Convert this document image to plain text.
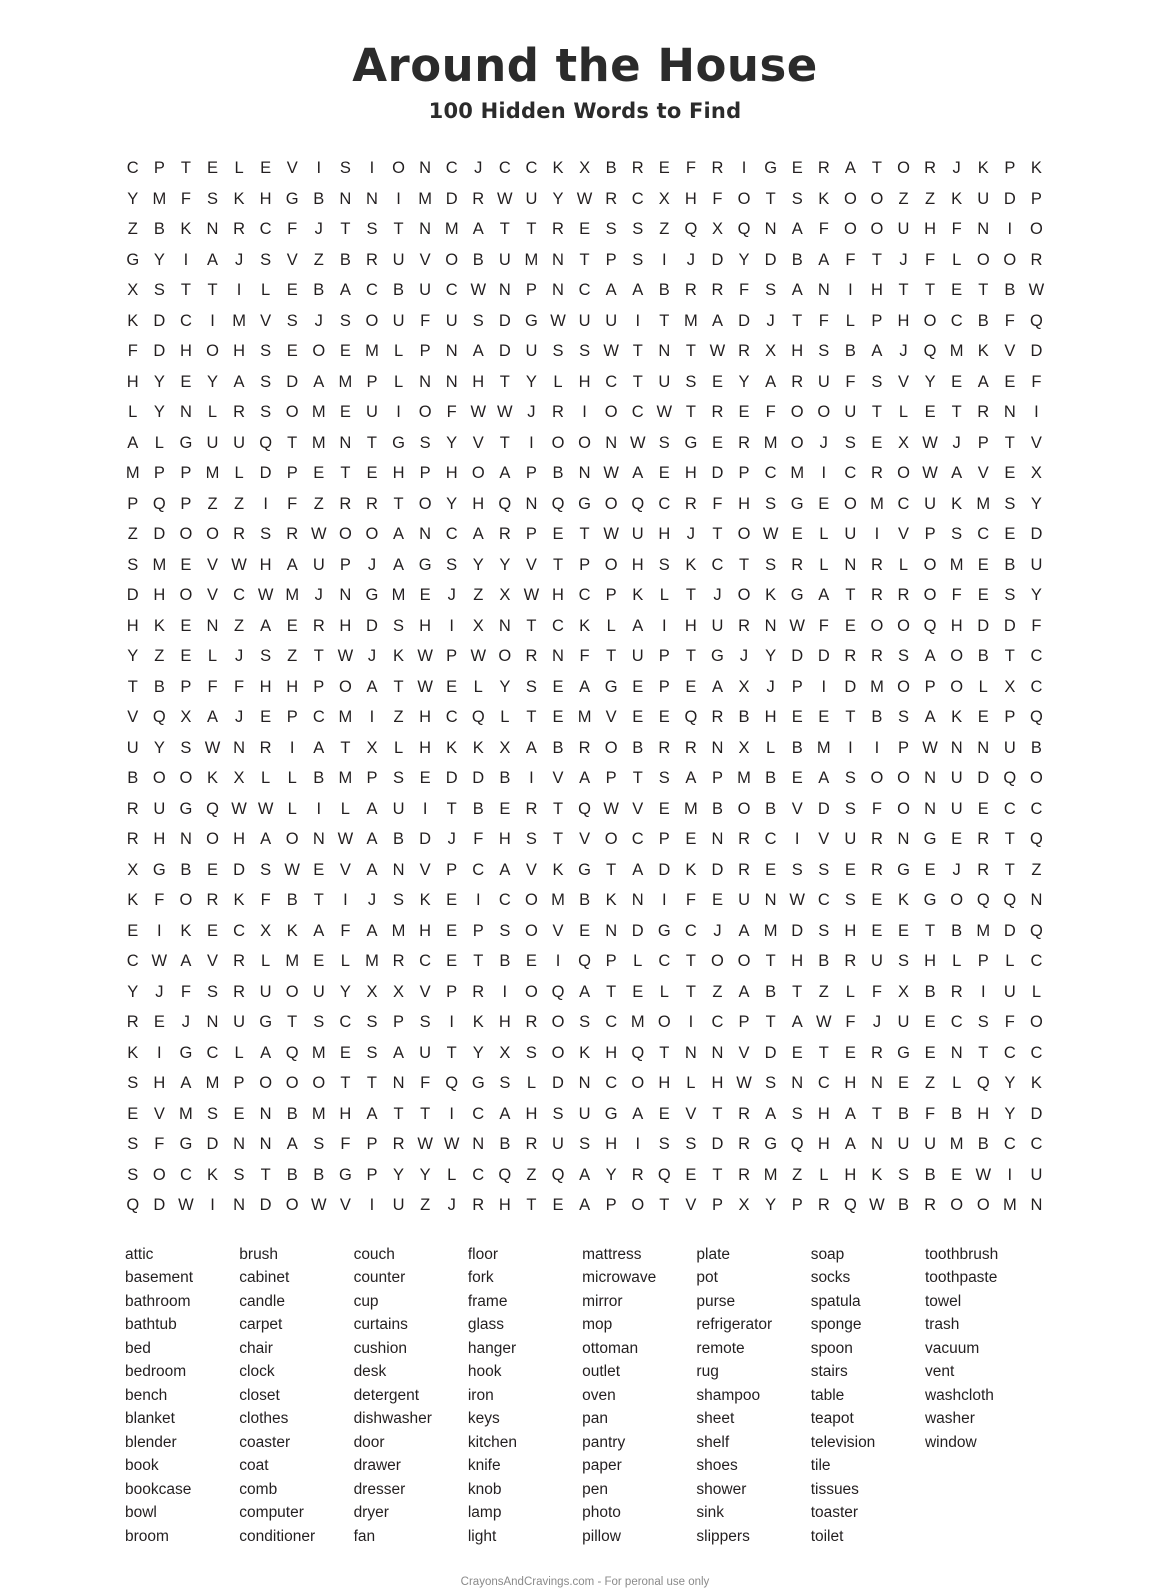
Around the House
100 Hidden Words to Find
C P T E L E V	I	S	I	O N C J C C K X B R E F R	I	G E R A T O R J K P K
Y M F S K H G B N N	I	M D R W U Y W R C X H F O T S K O O Z Z K U D P
Z B K N R C F	J	T S T N M A T T R E S S Z Q X Q N A F O O U H F N	I	O
G Y	I	A J S V Z B R U V O B U M N T P S	I	J D Y D B A F T	J	F L O O R
X S T T	I	L E B A C B U C W N P N C A A B R R F S A N	I	H T T E T B W
K D C	I	M V S J S O U F U S D G W U U	I	T M A D J	T F L P H O C B F Q
F D H O H S E O E M L P N A D U S S W T N T W R X H S B A J Q M K V D
H Y E Y A S D A M P L N N H T Y L H C T U S E Y A R U F S V Y E A E F
L Y N L R S O M E U	I	O F W W J R	I	O C W T R E F O O U T L E T R N	I
A L G U U Q T M N T G S Y V T	I	O O N W S G E R M O J S E X W J P T V
M P P M L D P E T E H P H O A P B N W A E H D P C M	I	C R O W A V E X
P Q P Z Z	I	F Z R R T O Y H Q N Q G O Q C R F H S G E O M C U K M S Y
Z D O O R S R W O O A N C A R P E T W U H J	T O W E L U	I	V P S C E D
S M E V W H A U P J A G S Y Y V T P O H S K C T S R L N R L O M E B U
D H O V C W M J N G M E J	Z X W H C P K L T	J O K G A T R R O F E S Y
H K E N Z A E R H D S H	I	X N T C K L A	I	H U R N W F E O O Q H D D F
Y Z E L	J S Z T W J K W P W O R N F T U P T G J Y D D R R S A O B T C
T B P F F H H P O A T W E L Y S E A G E P E A X J P	I	D M O P O L X C
V Q X A J E P C M	I	Z H C Q L T E M V E E Q R B H E E T B S A K E P Q
U Y S W N R	I	A T X L H K K X A B R O B R R N X L B M	I	I	P W N N U B
B O O K X L	L B M P S E D D B	I	V A P T S A P M B E A S O O N U D Q O
R U G Q W W L	I	L A U	I	T B E R T Q W V E M B O B V D S F O N U E C C
R H N O H A O N W A B D J	F H S T V O C P E N R C	I	V U R N G E R T Q
X G B E D S W E V A N V P C A V K G T A D K D R E S S E R G E J R T Z
K F O R K F B T	I	J S K E	I	C O M B K N	I	F E U N W C S E K G O Q Q N
E	I	K E C X K A F A M H E P S O V E N D G C J A M D S H E E T B M D Q
C W A V R L M E L M R C E T B E	I	Q P L C T O O T H B R U S H L P L C
Y J	F S R U O U Y X X V P R	I	O Q A T E L T Z A B T Z L F X B R	I	U L
R E J N U G T S C S P S	I	K H R O S C M O	I	C P T A W F	J U E C S F O
K	I	G C L A Q M E S A U T Y X S O K H Q T N N V D E T E R G E N T C C
S H A M P O O O T T N F Q G S L D N C O H L H W S N C H N E Z L Q Y K
E V M S E N B M H A T T	I	C A H S U G A E V T R A S H A T B F B H Y D
S F G D N N A S F P R W W N B R U S H	I	S S D R G Q H A N U U M B C C
S O C K S T B B G P Y Y L C Q Z Q A Y R Q E T R M Z L H K S B E W I	U
Q D W I	N D O W V	I	U Z	J R H T E A P O T V P X Y P R Q W B R O O M N
attic
basement
bathroom
bathtub
bed
bedroom
bench
blanket
blender
book
bookcase
bowl
broom
brush
cabinet
candle
carpet
chair
clock
closet
clothes
coaster
coat
comb
computer
conditioner
couch
counter
cup
curtains
cushion
desk
detergent
dishwasher
door
drawer
dresser
dryer
fan
floor
fork
frame
glass
hanger
hook
iron
keys
kitchen
knife
knob
lamp
light
mattress
microwave
mirror
mop
ottoman
outlet
oven
pan
pantry
paper
pen
photo
pillow
plate
pot
purse
refrigerator
remote
rug
shampoo
sheet
shelf
shoes
shower
sink
slippers
soap
socks
spatula
sponge
spoon
stairs
table
teapot
television
tile
tissues
toaster
toilet
toothbrush
toothpaste
towel
trash
vacuum
vent
washcloth
washer
window
CrayonsAndCravings.com - For peronal use only
